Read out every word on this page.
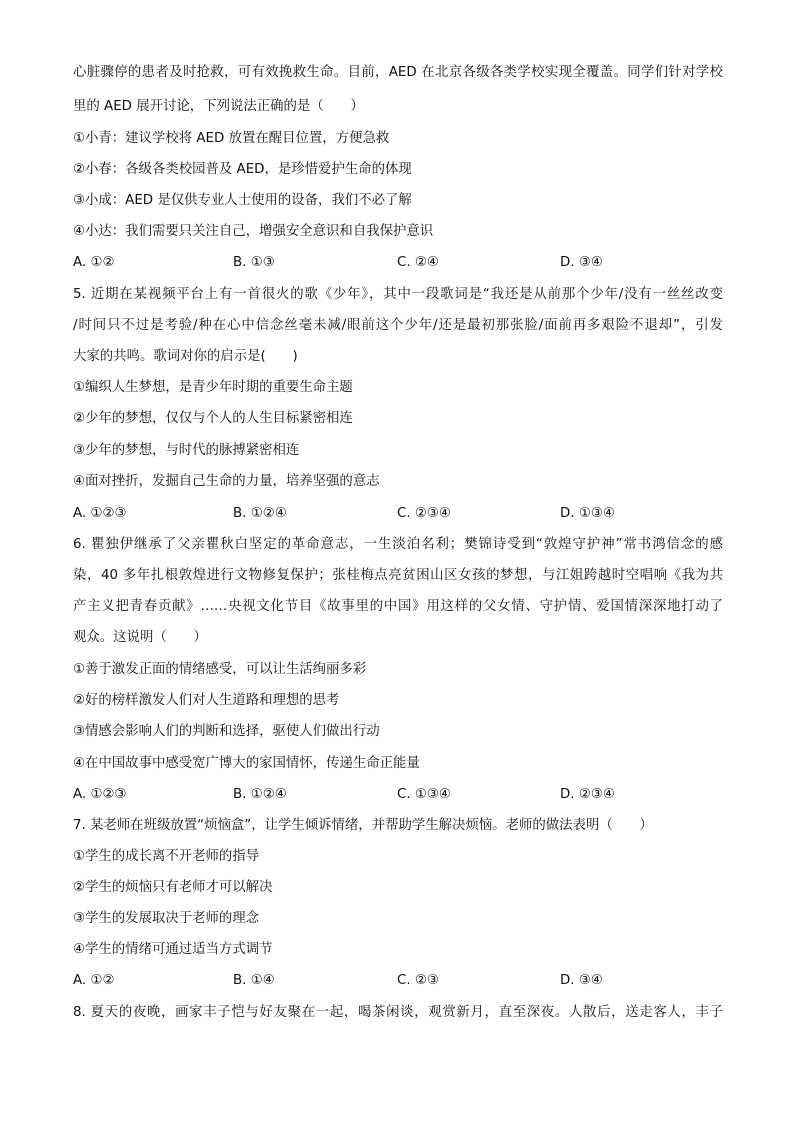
心脏骤停的患者及时抢救，可有效挽救生命。目前，AED 在北京各级各类学校实现全覆盖。同学们针对学校
里的 AED 展开讨论，下列说法正确的是（　　）
①小青：建议学校将 AED 放置在醒目位置，方便急救
②小春：各级各类校园普及 AED，是珍惜爱护生命的体现
③小成：AED 是仅供专业人士使用的设备，我们不必了解
④小达：我们需要只关注自己，增强安全意识和自我保护意识
A. ①②	B. ①③	C. ②④	D. ③④
5. 近期在某视频平台上有一首很火的歌《少年》，其中一段歌词是“我还是从前那个少年/没有一丝丝改变
/时间只不过是考验/种在心中信念丝毫未减/眼前这个少年/还是最初那张脸/面前再多艰险不退却”，引发
大家的共鸣。歌词对你的启示是(　　)
①编织人生梦想，是青少年时期的重要生命主题
②少年的梦想，仅仅与个人的人生目标紧密相连
③少年的梦想，与时代的脉搏紧密相连
④面对挫折，发掘自己生命的力量，培养坚强的意志
A. ①②③	B. ①②④	C. ②③④	D. ①③④
6. 瞿独伊继承了父亲瞿秋白坚定的革命意志，一生淡泊名利；樊锦诗受到“敦煌守护神”常书鸿信念的感
染，40 多年扎根敦煌进行文物修复保护；张桂梅点亮贫困山区女孩的梦想，与江姐跨越时空唱响《我为共
产主义把青春贡献》……央视文化节目《故事里的中国》用这样的父女情、守护情、爱国情深深地打动了
观众。这说明（　　）
①善于激发正面的情绪感受，可以让生活绚丽多彩
②好的榜样激发人们对人生道路和理想的思考
③情感会影响人们的判断和选择，驱使人们做出行动
④在中国故事中感受宽广博大的家国情怀，传递生命正能量
A. ①②③	B. ①②④	C. ①③④	D. ②③④
7. 某老师在班级放置“烦恼盒”，让学生倾诉情绪，并帮助学生解决烦恼。老师的做法表明（　　）
①学生的成长离不开老师的指导
②学生的烦恼只有老师才可以解决
③学生的发展取决于老师的理念
④学生的情绪可通过适当方式调节
A. ①②	B. ①④	C. ②③	D. ③④
8. 夏天的夜晚，画家丰子恺与好友聚在一起，喝茶闲谈，观赏新月，直至深夜。人散后，送走客人，丰子
